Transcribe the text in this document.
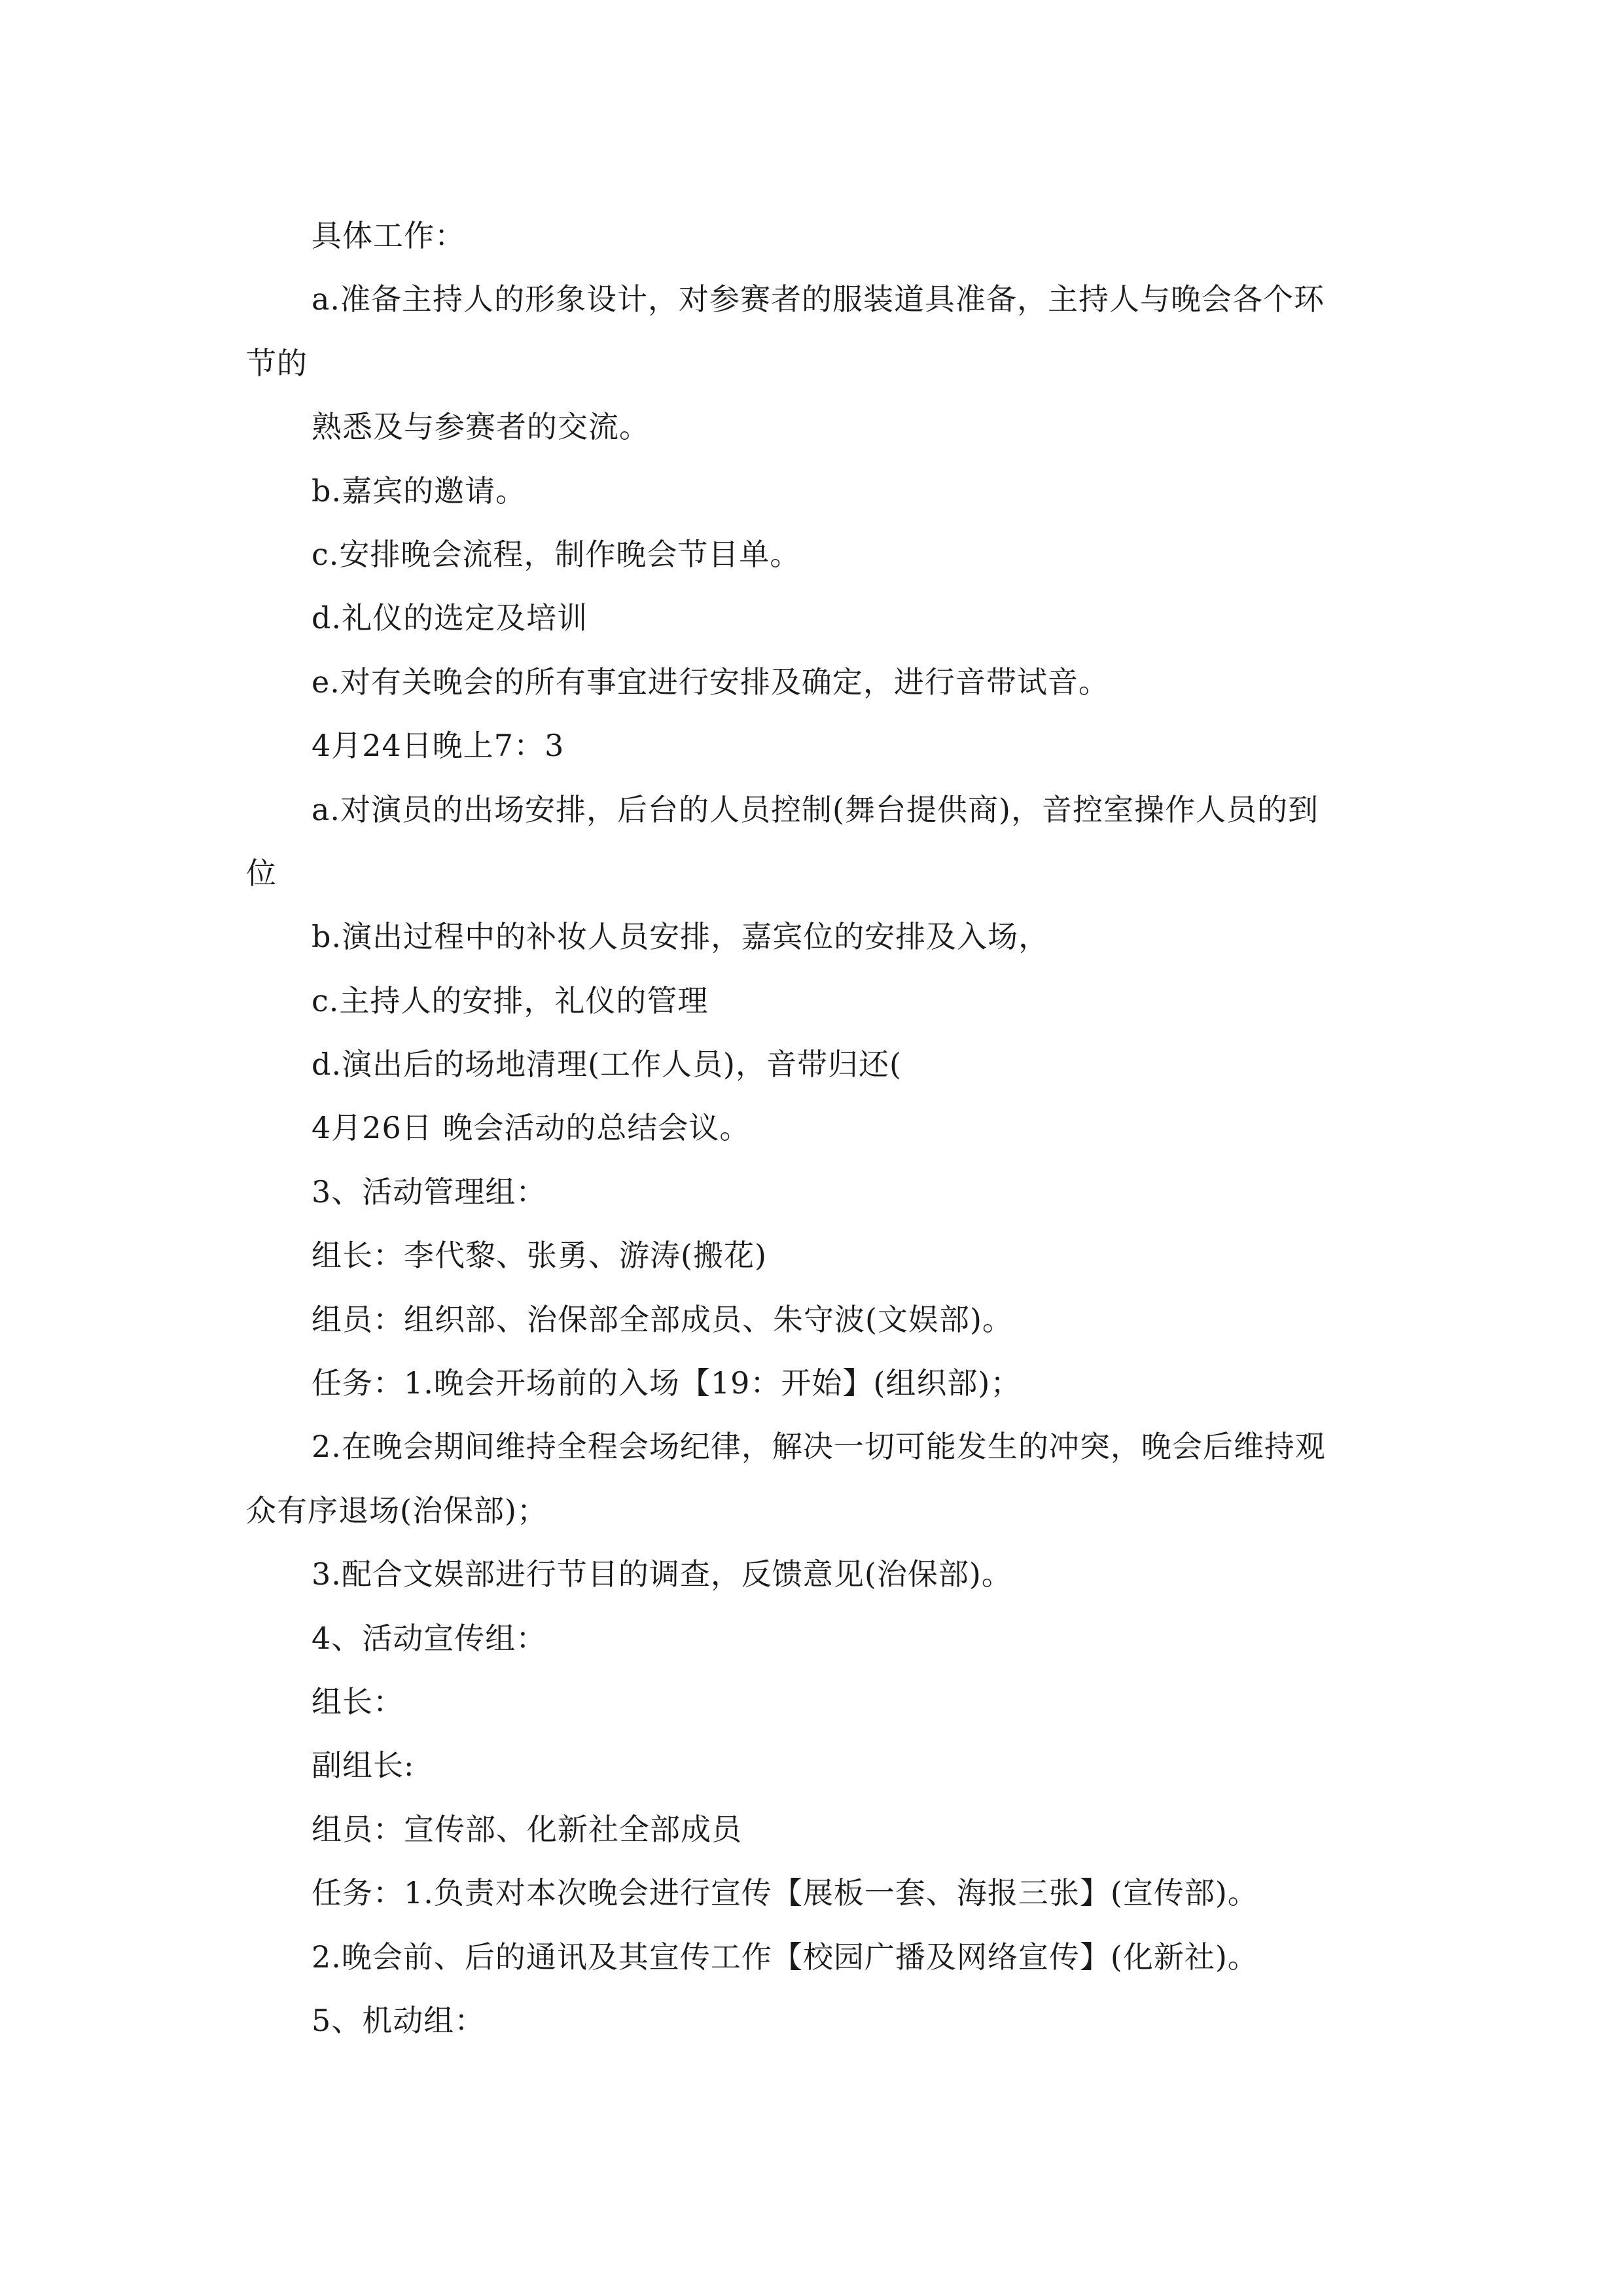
具体工作：
a.准备主持人的形象设计，对参赛者的服装道具准备，主持人与晚会各个环
节的
熟悉及与参赛者的交流。
b.嘉宾的邀请。
c.安排晚会流程，制作晚会节目单。
d.礼仪的选定及培训
e.对有关晚会的所有事宜进行安排及确定，进行音带试音。
4月24日晚上7：3
a.对演员的出场安排，后台的人员控制(舞台提供商)，音控室操作人员的到
位
b.演出过程中的补妆人员安排，嘉宾位的安排及入场，
c.主持人的安排，礼仪的管理
d.演出后的场地清理(工作人员)，音带归还(
4月26日 晚会活动的总结会议。
3、活动管理组：
组长：李代黎、张勇、游涛(搬花)
组员：组织部、治保部全部成员、朱守波(文娱部)。
任务：1.晚会开场前的入场【19：开始】(组织部)；
2.在晚会期间维持全程会场纪律，解决一切可能发生的冲突，晚会后维持观
众有序退场(治保部)；
3.配合文娱部进行节目的调查，反馈意见(治保部)。
4、活动宣传组：
组长：
副组长:
组员：宣传部、化新社全部成员
任务：1.负责对本次晚会进行宣传【展板一套、海报三张】(宣传部)。
2.晚会前、后的通讯及其宣传工作【校园广播及网络宣传】(化新社)。
5、机动组：
